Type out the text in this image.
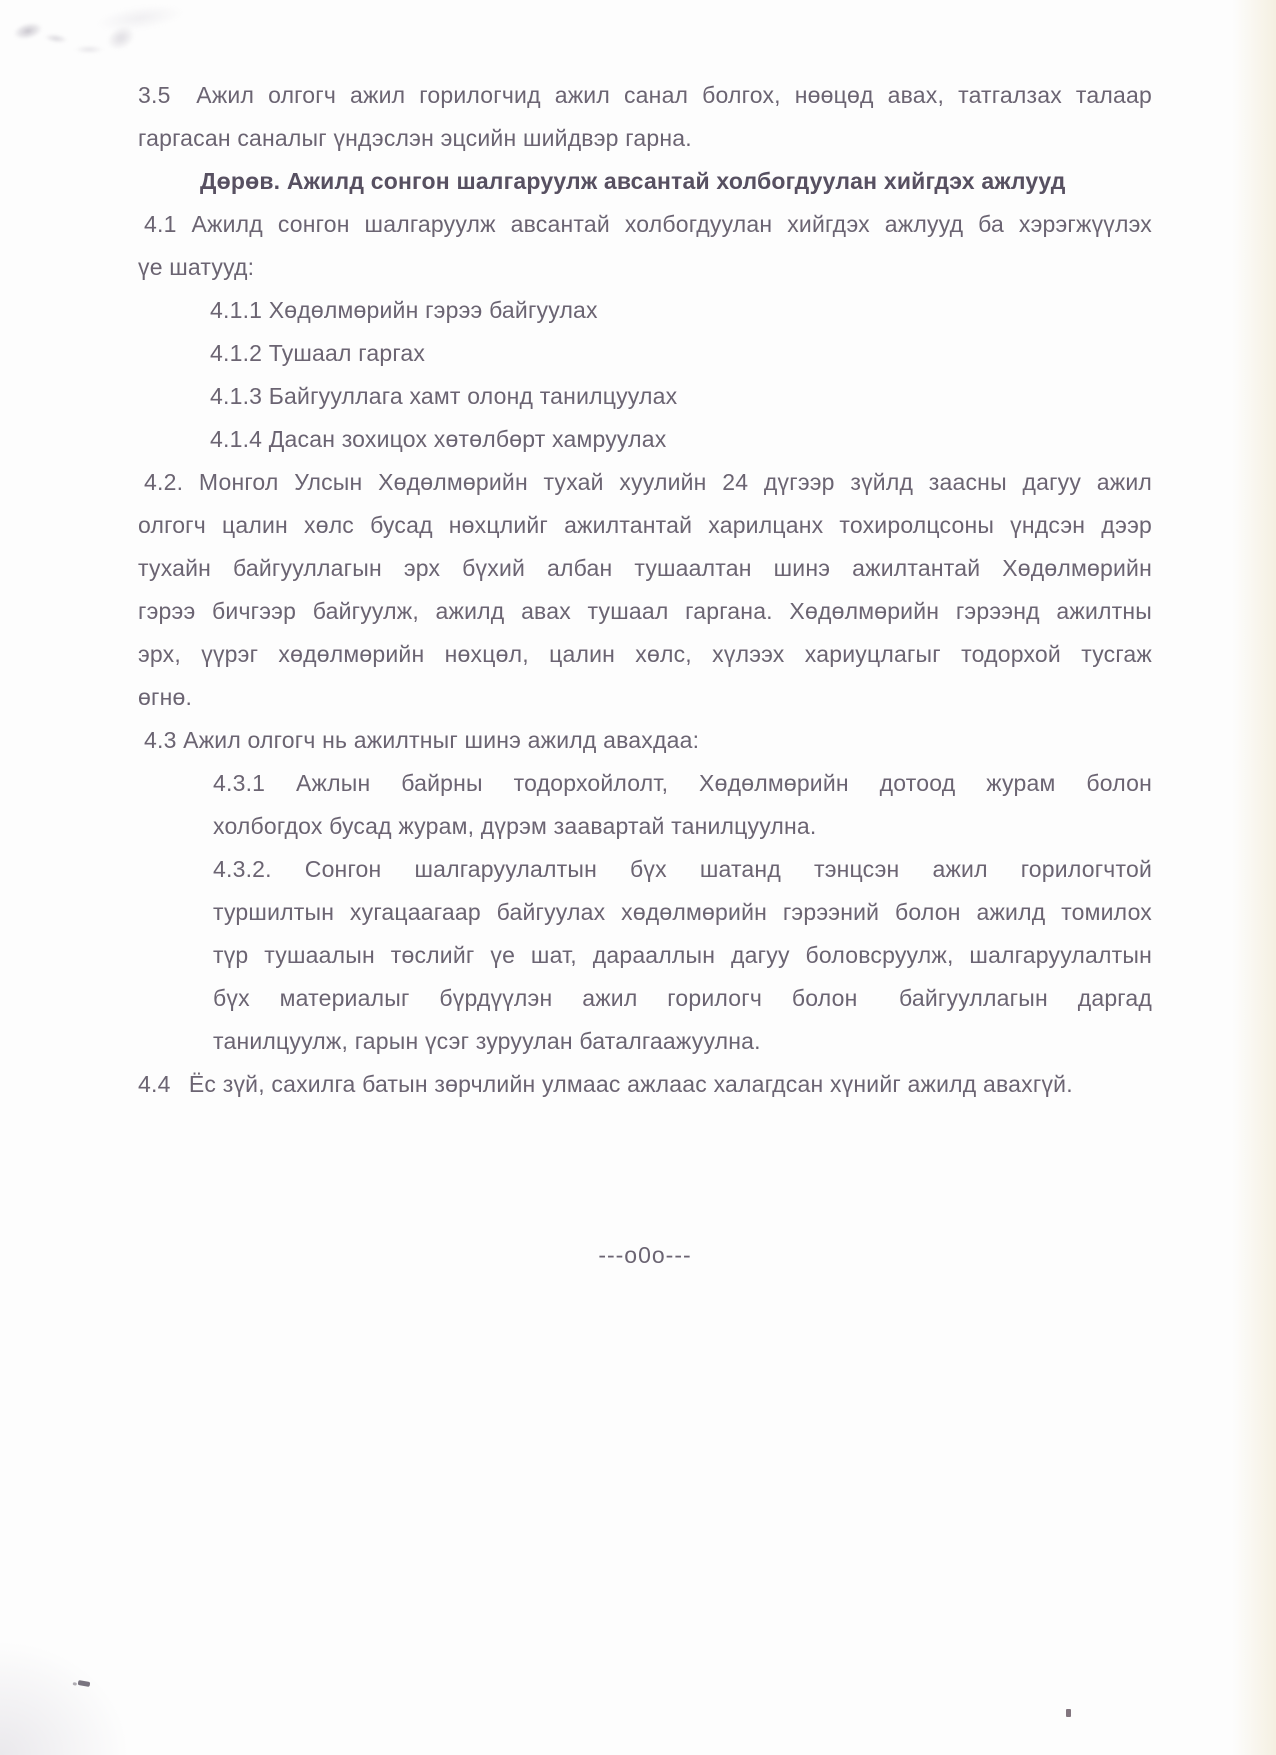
3.5  Ажил олгогч ажил горилогчид ажил санал болгох, нөөцөд авах, татгалзах талаар
гаргасан саналыг үндэслэн эцсийн шийдвэр гарна.
Дөрөв. Ажилд сонгон шалгаруулж авсантай холбогдуулан хийгдэх ажлууд
4.1 Ажилд сонгон шалгаруулж авсантай холбогдуулан хийгдэх ажлууд ба хэрэгжүүлэх
үе шатууд:
4.1.1 Хөдөлмөрийн гэрээ байгуулах
4.1.2 Тушаал гаргах
4.1.3 Байгууллага хамт олонд танилцуулах
4.1.4 Дасан зохицох хөтөлбөрт хамруулах
4.2. Монгол Улсын Хөдөлмөрийн тухай хуулийн 24 дүгээр зүйлд заасны дагуу ажил
олгогч цалин хөлс бусад нөхцлийг ажилтантай харилцанх тохиролцсоны үндсэн дээр
тухайн байгууллагын эрх бүхий албан тушаалтан шинэ ажилтантай Хөдөлмөрийн
гэрээ бичгээр байгуулж, ажилд авах тушаал гаргана. Хөдөлмөрийн гэрээнд ажилтны
эрх, үүрэг хөдөлмөрийн нөхцөл, цалин хөлс, хүлээх хариуцлагыг тодорхой тусгаж
өгнө.
4.3 Ажил олгогч нь ажилтныг шинэ ажилд авахдаа:
4.3.1 Ажлын байрны тодорхойлолт, Хөдөлмөрийн дотоод журам болон
холбогдох бусад журам, дүрэм заавартай танилцуулна.
4.3.2. Сонгон шалгаруулалтын бүх шатанд тэнцсэн ажил горилогчтой
туршилтын хугацаагаар байгуулах хөдөлмөрийн гэрээний болон ажилд томилох
түр тушаалын төслийг үе шат, дарааллын дагуу боловсруулж, шалгаруулалтын
бүх материалыг бүрдүүлэн ажил горилогч болон  байгууллагын даргад
танилцуулж, гарын үсэг зуруулан баталгаажуулна.
4.4  Ёс зүй, сахилга батын зөрчлийн улмаас ажлаас халагдсан хүнийг ажилд авахгүй.
---о0о---
